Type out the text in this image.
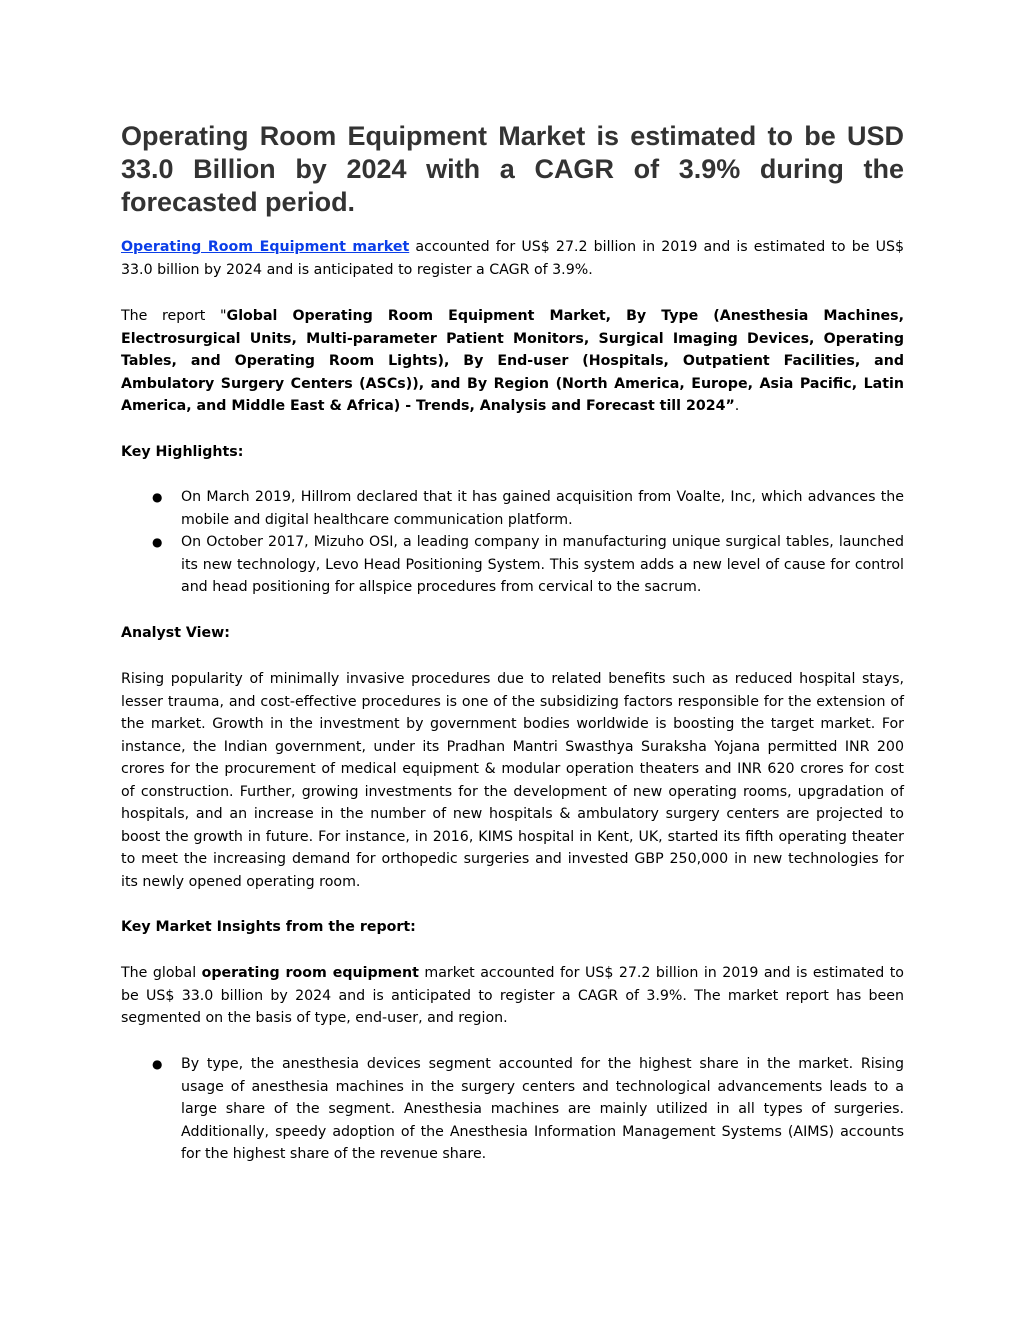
Operating Room Equipment Market is estimated to be USD 33.0 Billion by 2024 with a CAGR of 3.9% during the forecasted period.

Operating Room Equipment market accounted for US$ 27.2 billion in 2019 and is estimated to be US$ 33.0 billion by 2024 and is anticipated to register a CAGR of 3.9%.

The report "Global Operating Room Equipment Market, By Type (Anesthesia Machines, Electrosurgical Units, Multi-parameter Patient Monitors, Surgical Imaging Devices, Operating Tables, and Operating Room Lights), By End-user (Hospitals, Outpatient Facilities, and Ambulatory Surgery Centers (ASCs)), and By Region (North America, Europe, Asia Pacific, Latin America, and Middle East & Africa) - Trends, Analysis and Forecast till 2024”.

Key Highlights:

● On March 2019, Hillrom declared that it has gained acquisition from Voalte, Inc, which advances the mobile and digital healthcare communication platform.
● On October 2017, Mizuho OSI, a leading company in manufacturing unique surgical tables, launched its new technology, Levo Head Positioning System. This system adds a new level of cause for control and head positioning for allspice procedures from cervical to the sacrum.

Analyst View:

Rising popularity of minimally invasive procedures due to related benefits such as reduced hospital stays, lesser trauma, and cost-effective procedures is one of the subsidizing factors responsible for the extension of the market. Growth in the investment by government bodies worldwide is boosting the target market. For instance, the Indian government, under its Pradhan Mantri Swasthya Suraksha Yojana permitted INR 200 crores for the procurement of medical equipment & modular operation theaters and INR 620 crores for cost of construction. Further, growing investments for the development of new operating rooms, upgradation of hospitals, and an increase in the number of new hospitals & ambulatory surgery centers are projected to boost the growth in future. For instance, in 2016, KIMS hospital in Kent, UK, started its fifth operating theater to meet the increasing demand for orthopedic surgeries and invested GBP 250,000 in new technologies for its newly opened operating room.

Key Market Insights from the report:

The global operating room equipment market accounted for US$ 27.2 billion in 2019 and is estimated to be US$ 33.0 billion by 2024 and is anticipated to register a CAGR of 3.9%. The market report has been segmented on the basis of type, end-user, and region.

● By type, the anesthesia devices segment accounted for the highest share in the market. Rising usage of anesthesia machines in the surgery centers and technological advancements leads to a large share of the segment. Anesthesia machines are mainly utilized in all types of surgeries. Additionally, speedy adoption of the Anesthesia Information Management Systems (AIMS) accounts for the highest share of the revenue share.
